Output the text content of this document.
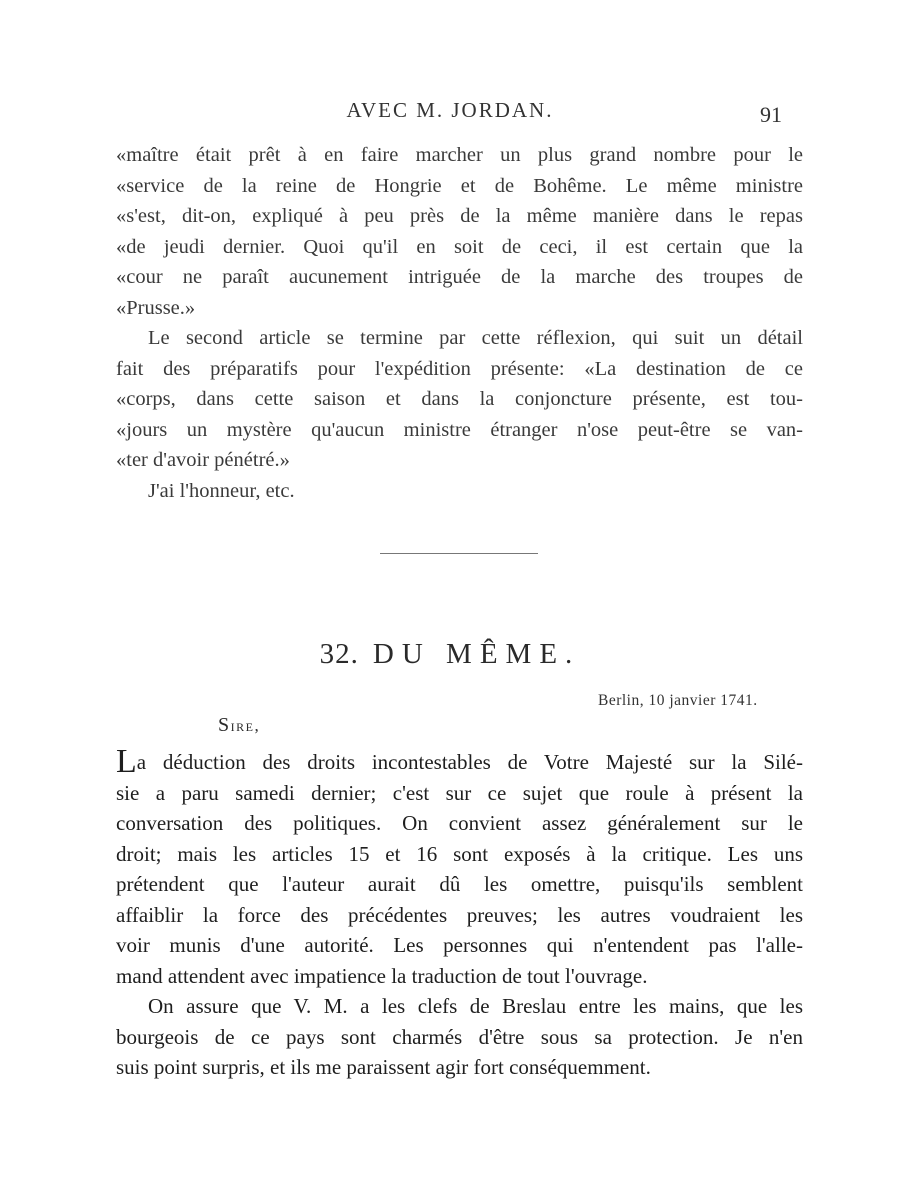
AVEC M. JORDAN.	91

«maître était prêt à en faire marcher un plus grand nombre pour le

«service de la reine de Hongrie et de Bohême. Le même ministre

«s'est, dit-on, expliqué à peu près de la même manière dans le repas

«de jeudi dernier. Quoi qu'il en soit de ceci, il est certain que la

«cour ne paraît aucunement intriguée de la marche des troupes de

«Prusse.»

Le second article se termine par cette réflexion, qui suit un détail

fait des préparatifs pour l'expédition présente: «La destination de ce

«corps, dans cette saison et dans la conjoncture présente, est tou-

«jours un mystère qu'aucun ministre étranger n'ose peut-être se van-

«ter d'avoir pénétré.»

J'ai l'honneur, etc.

32. DU MÊME.
Berlin, 10 janvier 1741.
Sire,

La déduction des droits incontestables de Votre Majesté sur la Silé-

sie a paru samedi dernier; c'est sur ce sujet que roule à présent la

conversation des politiques. On convient assez généralement sur le

droit; mais les articles 15 et 16 sont exposés à la critique. Les uns

prétendent que l'auteur aurait dû les omettre, puisqu'ils semblent

affaiblir la force des précédentes preuves; les autres voudraient les

voir munis d'une autorité. Les personnes qui n'entendent pas l'alle-

mand attendent avec impatience la traduction de tout l'ouvrage.

On assure que V. M. a les clefs de Breslau entre les mains, que les

bourgeois de ce pays sont charmés d'être sous sa protection. Je n'en

suis point surpris, et ils me paraissent agir fort conséquemment.
